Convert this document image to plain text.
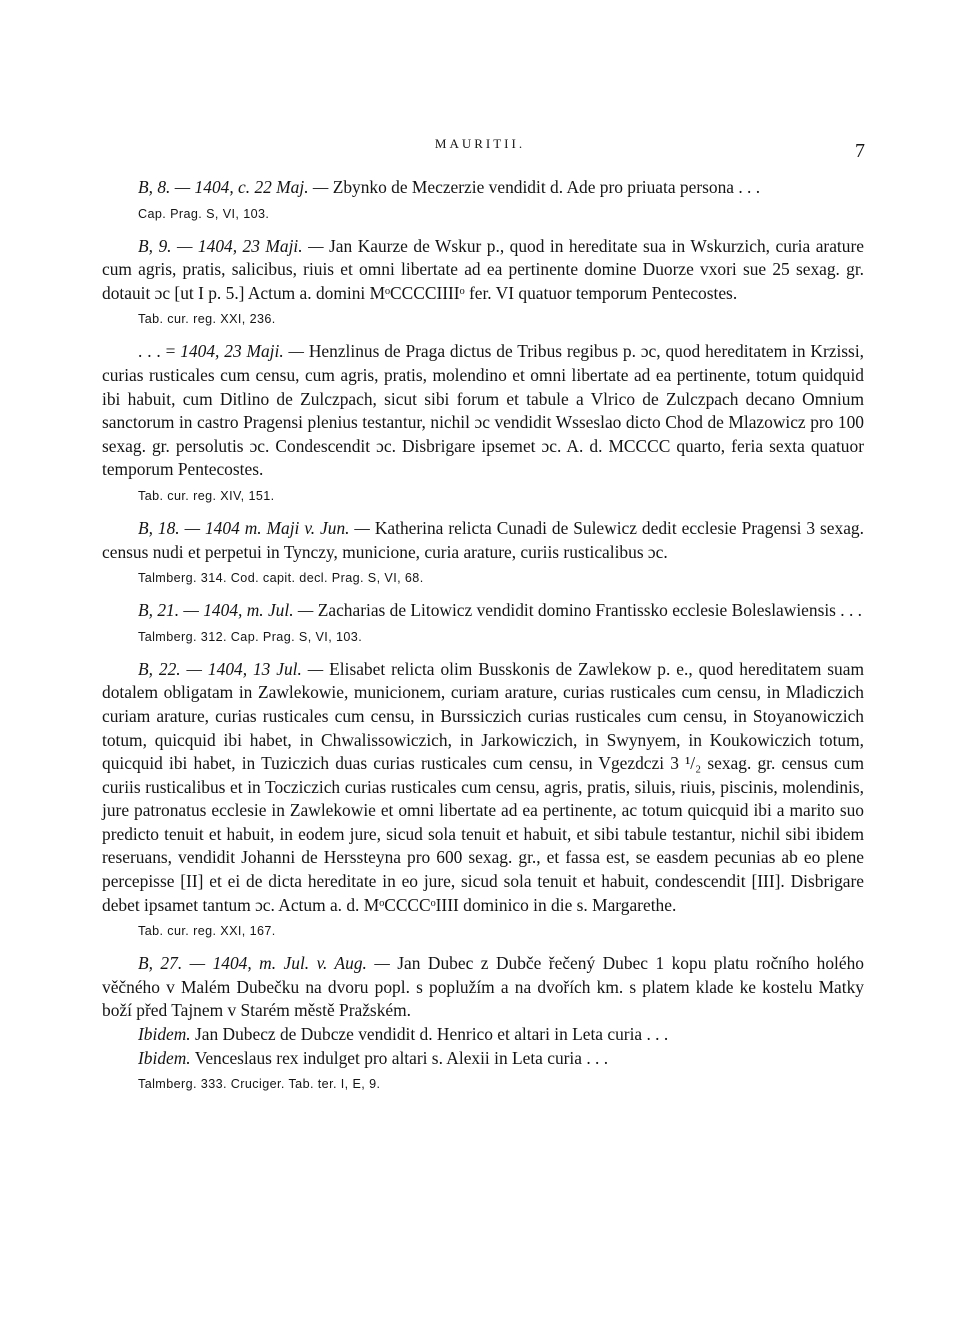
MAURITII.	7

B, 8. — 1404, c. 22 Maj. — Zbynko de Meczerzie vendidit d. Ade pro priuata persona . . .

Cap. Prag. S, VI, 103.

B, 9. — 1404, 23 Maji. — Jan Kaurze de Wskur p., quod in hereditate sua in Wskurzich, curia arature cum agris, pratis, salicibus, riuis et omni libertate ad ea pertinente domine Duorze vxori sue 25 sexag. gr. dotauit ɔc [ut I p. 5.] Actum a. domini MᵒCCCCIIIIᵒ fer. VI quatuor temporum Pentecostes.

Tab. cur. reg. XXI, 236.

. . . = 1404, 23 Maji. — Henzlinus de Praga dictus de Tribus regibus p. ɔc, quod hereditatem in Krzissi, curias rusticales cum censu, cum agris, pratis, molendino et omni libertate ad ea pertinente, totum quidquid ibi habuit, cum Ditlino de Zulczpach, sicut sibi forum et tabule a Vlrico de Zulczpach decano Omnium sanctorum in castro Pragensi plenius testantur, nichil ɔc vendidit Wsseslao dicto Chod de Mlazowicz pro 100 sexag. gr. persolutis ɔc. Condescendit ɔc. Disbrigare ipsemet ɔc. A. d. MCCCC quarto, feria sexta quatuor temporum Pentecostes.

Tab. cur. reg. XIV, 151.

B, 18. — 1404 m. Maji v. Jun. — Katherina relicta Cunadi de Sulewicz dedit ecclesie Pragensi 3 sexag. census nudi et perpetui in Tynczy, municione, curia arature, curiis rusticalibus ɔc.

Talmberg. 314. Cod. capit. decl. Prag. S, VI, 68.

B, 21. — 1404, m. Jul. — Zacharias de Litowicz vendidit domino Frantissko ecclesie Boleslawiensis . . .

Talmberg. 312. Cap. Prag. S, VI, 103.

B, 22. — 1404, 13 Jul. — Elisabet relicta olim Busskonis de Zawlekow p. e., quod hereditatem suam dotalem obligatam in Zawlekowie, municionem, curiam arature, curias rusticales cum censu, in Mladiczich curiam arature, curias rusticales cum censu, in Burssiczich curias rusticales cum censu, in Stoyanowiczich totum, quicquid ibi habet, in Chwalissowiczich, in Jarkowiczich, in Swynyem, in Koukowiczich totum, quicquid ibi habet, in Tuziczich duas curias rusticales cum censu, in Vgezdczi 3 ¹/₂ sexag. gr. census cum curiis rusticalibus et in Tocziczich curias rusticales cum censu, agris, pratis, siluis, riuis, piscinis, molendinis, jure patronatus ecclesie in Zawlekowie et omni libertate ad ea pertinente, ac totum quicquid ibi a marito suo predicto tenuit et habuit, in eodem jure, sicud sola tenuit et habuit, et sibi tabule testantur, nichil sibi ibidem reseruans, vendidit Johanni de Herssteyna pro 600 sexag. gr., et fassa est, se easdem pecunias ab eo plene percepisse [II] et ei de dicta hereditate in eo jure, sicud sola tenuit et habuit, condescendit [III]. Disbrigare debet ipsamet tantum ɔc. Actum a. d. MᵒCCCCᵒIIII dominico in die s. Margarethe.

Tab. cur. reg. XXI, 167.

B, 27. — 1404, m. Jul. v. Aug. — Jan Dubec z Dubče řečený Dubec 1 kopu platu ročního holého věčného v Malém Dubečku na dvoru popl. s poplužím a na dvořích km. s platem klade ke kostelu Matky boží před Tajnem v Starém městě Pražském.

Ibidem. Jan Dubecz de Dubcze vendidit d. Henrico et altari in Leta curia . . .

Ibidem. Venceslaus rex indulget pro altari s. Alexii in Leta curia . . .

Talmberg. 333. Cruciger. Tab. ter. I, E, 9.
